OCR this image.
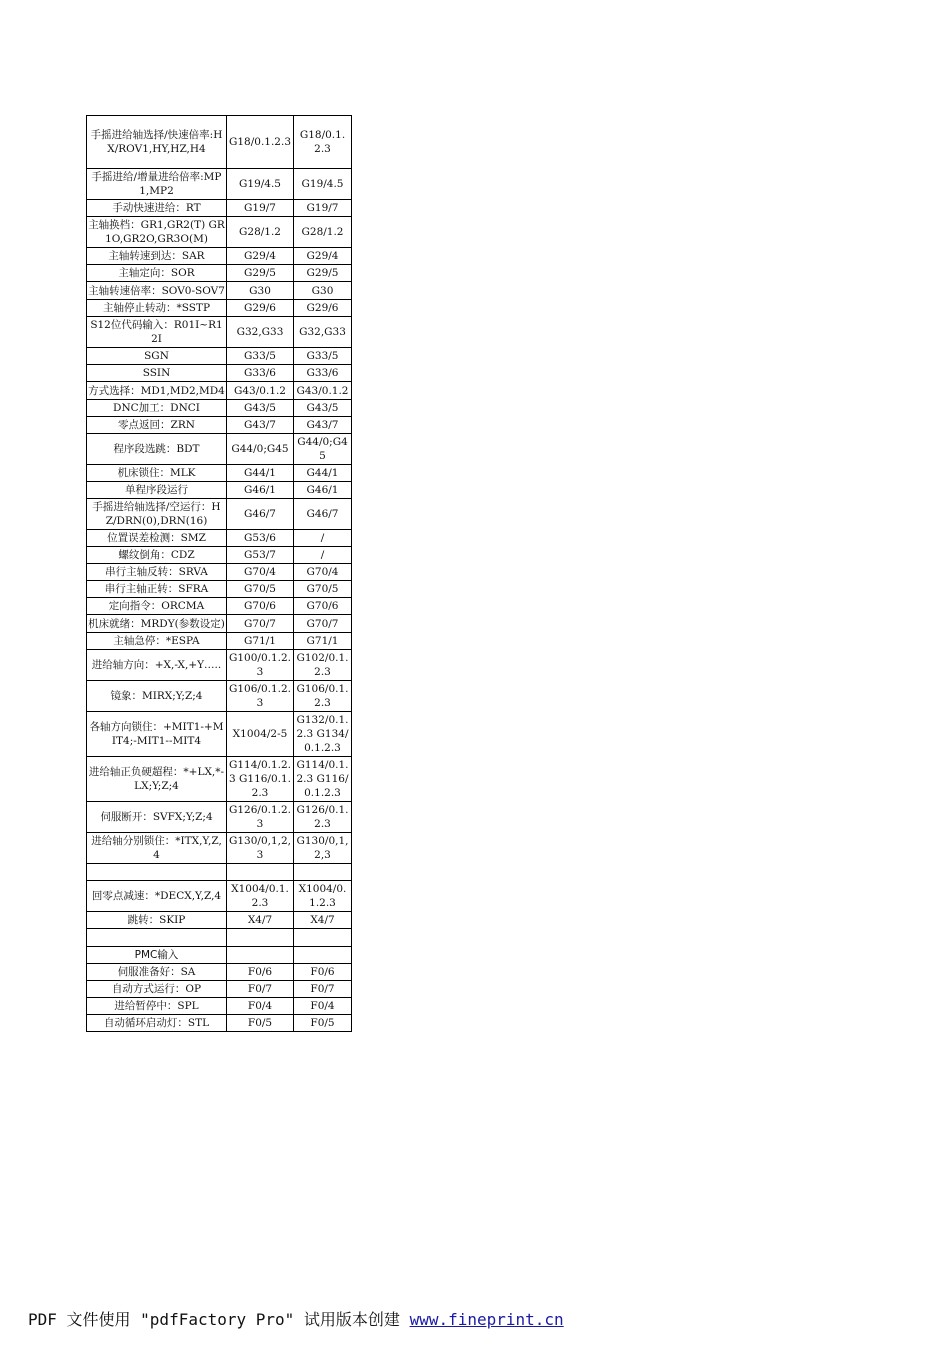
手摇进给轴选择/快速倍率:HX/ROV1,HY,HZ,H4	G18/0.1.2.3	G18/0.1.2.3
手摇进给/增量进给倍率:MP1,MP2	G19/4.5	G19/4.5
手动快速进给：RT	G19/7	G19/7
主轴换档：GR1,GR2(T) GR1O,GR2O,GR3O(M)	G28/1.2	G28/1.2
主轴转速到达：SAR	G29/4	G29/4
主轴定向：SOR	G29/5	G29/5
主轴转速倍率：SOV0-SOV7	G30	G30
主轴停止转动：*SSTP	G29/6	G29/6
S12位代码输入：R01I~R12I	G32,G33	G32,G33
SGN	G33/5	G33/5
SSIN	G33/6	G33/6
方式选择：MD1,MD2,MD4	G43/0.1.2	G43/0.1.2
DNC加工：DNCI	G43/5	G43/5
零点返回：ZRN	G43/7	G43/7
程序段选跳：BDT	G44/0;G45	G44/0;G45
机床锁住：MLK	G44/1	G44/1
单程序段运行	G46/1	G46/1
手摇进给轴选择/空运行：HZ/DRN(0),DRN(16)	G46/7	G46/7
位置误差检测：SMZ	G53/6	/
螺纹倒角：CDZ	G53/7	/
串行主轴反转：SRVA	G70/4	G70/4
串行主轴正转：SFRA	G70/5	G70/5
定向指令：ORCMA	G70/6	G70/6
机床就绪：MRDY(参数设定)	G70/7	G70/7
主轴急停：*ESPA	G71/1	G71/1
进给轴方向：+X,-X,+Y…..	G100/0.1.2.3	G102/0.1.2.3
镜象：MIRX;Y;Z;4	G106/0.1.2.3	G106/0.1.2.3
各轴方向锁住：+MIT1-+MIT4;-MIT1--MIT4	X1004/2-5	G132/0.1.2.3 G134/0.1.2.3
进给轴正负硬超程：*+LX,*-LX;Y;Z;4	G114/0.1.2.3 G116/0.1.2.3	G114/0.1.2.3 G116/0.1.2.3
伺服断开：SVFX;Y;Z;4	G126/0.1.2.3	G126/0.1.2.3
进给轴分别锁住：*ITX,Y,Z,4	G130/0,1,2,3	G130/0,1,2,3

回零点减速：*DECX,Y,Z,4	X1004/0.1.2.3	X1004/0.1.2.3
跳转：SKIP	X4/7	X4/7

PMC输入		
伺服准备好：SA	F0/6	F0/6
自动方式运行：OP	F0/7	F0/7
进给暂停中：SPL	F0/4	F0/4
自动循环启动灯：STL	F0/5	F0/5
PDF 文件使用 "pdfFactory Pro" 试用版本创建 www.fineprint.cn
